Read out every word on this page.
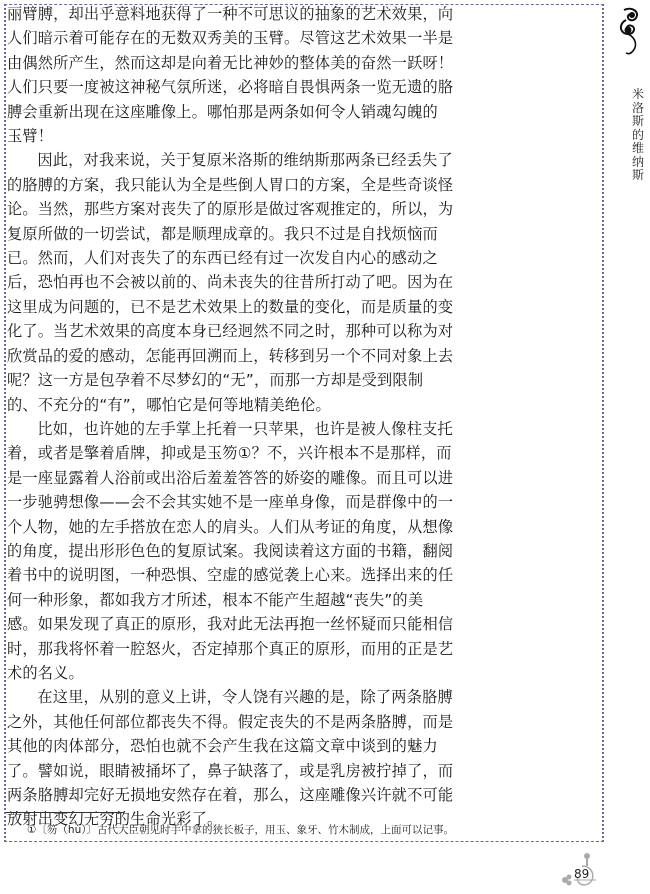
丽臂膊，却出乎意料地获得了一种不可思议的抽象的艺术效果，向
人们暗示着可能存在的无数双秀美的玉臂。尽管这艺术效果一半是
由偶然所产生，然而这却是向着无比神妙的整体美的奋然一跃呀！
人们只要一度被这神秘气氛所迷，必将暗自畏惧两条一览无遗的胳
膊会重新出现在这座雕像上。哪怕那是两条如何令人销魂勾魄的
玉臂！

因此，对我来说，关于复原米洛斯的维纳斯那两条已经丢失了
的胳膊的方案，我只能认为全是些倒人胃口的方案，全是些奇谈怪
论。当然，那些方案对丧失了的原形是做过客观推定的，所以，为
复原所做的一切尝试，都是顺理成章的。我只不过是自找烦恼而
已。然而，人们对丧失了的东西已经有过一次发自内心的感动之
后，恐怕再也不会被以前的、尚未丧失的往昔所打动了吧。因为在
这里成为问题的，已不是艺术效果上的数量的变化，而是质量的变
化了。当艺术效果的高度本身已经迥然不同之时，那种可以称为对
欣赏品的爱的感动，怎能再回溯而上，转移到另一个不同对象上去
呢？这一方是包孕着不尽梦幻的“无”，而那一方却是受到限制
的、不充分的“有”，哪怕它是何等地精美绝伦。

比如，也许她的左手掌上托着一只苹果，也许是被人像柱支托
着，或者是擎着盾牌，抑或是玉笏①？不，兴许根本不是那样，而
是一座显露着人浴前或出浴后羞羞答答的娇姿的雕像。而且可以进
一步驰骋想像——会不会其实她不是一座单身像，而是群像中的一
个人物，她的左手搭放在恋人的肩头。人们从考证的角度，从想像
的角度，提出形形色色的复原试案。我阅读着这方面的书籍，翻阅
着书中的说明图，一种恐惧、空虚的感觉袭上心来。选择出来的任
何一种形象，都如我方才所述，根本不能产生超越“丧失”的美
感。如果发现了真正的原形，我对此无法再抱一丝怀疑而只能相信
时，那我将怀着一腔怒火，否定掉那个真正的原形，而用的正是艺
术的名义。

在这里，从别的意义上讲，令人饶有兴趣的是，除了两条胳膊
之外，其他任何部位都丧失不得。假定丧失的不是两条胳膊，而是
其他的肉体部分，恐怕也就不会产生我在这篇文章中谈到的魅力
了。譬如说，眼睛被捅坏了，鼻子缺落了，或是乳房被拧掉了，而
两条胳膊却完好无损地安然存在着，那么，这座雕像兴许就不可能
放射出变幻无穷的生命光彩了。

①〔笏（hù）〕古代大臣朝见时手中拿的狭长板子，用玉、象牙、竹木制成，上面可以记事。
米洛斯的维纳斯
89
